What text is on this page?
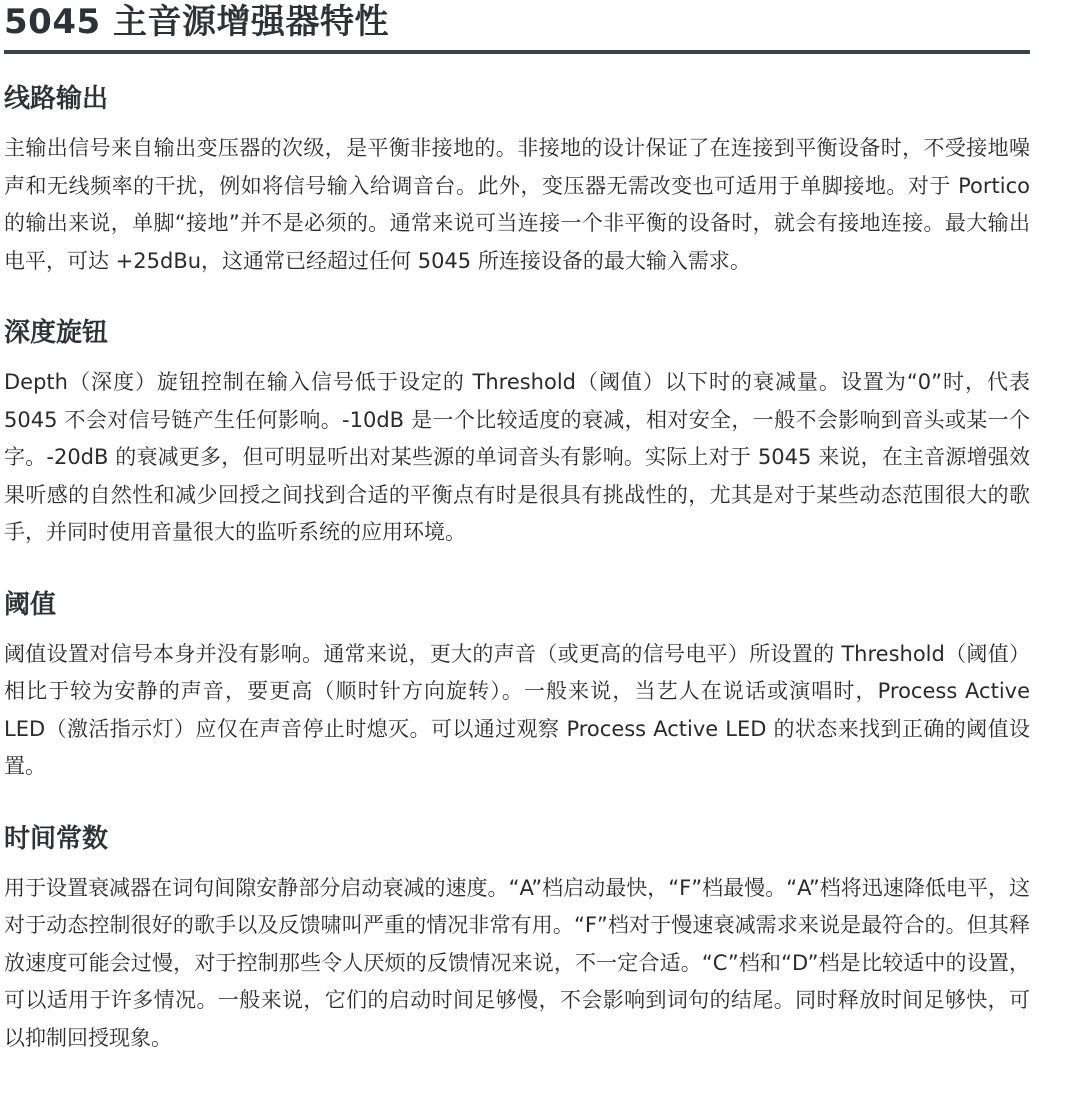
5045 主音源增强器特性
线路输出

主输出信号来自输出变压器的次级，是平衡非接地的。非接地的设计保证了在连接到平衡设备时，不受接地噪声和无线频率的干扰，例如将信号输入给调音台。此外，变压器无需改变也可适用于单脚接地。对于 Portico 的输出来说，单脚“接地”并不是必须的。通常来说可当连接一个非平衡的设备时，就会有接地连接。最大输出电平，可达 +25dBu，这通常已经超过任何 5045 所连接设备的最大输入需求。

深度旋钮

Depth（深度）旋钮控制在输入信号低于设定的 Threshold（阈值）以下时的衰减量。设置为“0”时，代表 5045 不会对信号链产生任何影响。-10dB 是一个比较适度的衰减，相对安全，一般不会影响到音头或某一个字。-20dB 的衰减更多，但可明显听出对某些源的单词音头有影响。实际上对于 5045 来说，在主音源增强效果听感的自然性和减少回授之间找到合适的平衡点有时是很具有挑战性的，尤其是对于某些动态范围很大的歌手，并同时使用音量很大的监听系统的应用环境。

阈值

阈值设置对信号本身并没有影响。通常来说，更大的声音（或更高的信号电平）所设置的 Threshold（阈值）相比于较为安静的声音，要更高（顺时针方向旋转）。一般来说，当艺人在说话或演唱时，Process Active LED（激活指示灯）应仅在声音停止时熄灭。可以通过观察 Process Active LED 的状态来找到正确的阈值设置。

时间常数

用于设置衰减器在词句间隙安静部分启动衰减的速度。“A”档启动最快，“F”档最慢。“A”档将迅速降低电平，这对于动态控制很好的歌手以及反馈啸叫严重的情况非常有用。“F”档对于慢速衰减需求来说是最符合的。但其释放速度可能会过慢，对于控制那些令人厌烦的反馈情况来说，不一定合适。“C”档和“D”档是比较适中的设置，可以适用于许多情况。一般来说，它们的启动时间足够慢，不会影响到词句的结尾。同时释放时间足够快，可以抑制回授现象。
